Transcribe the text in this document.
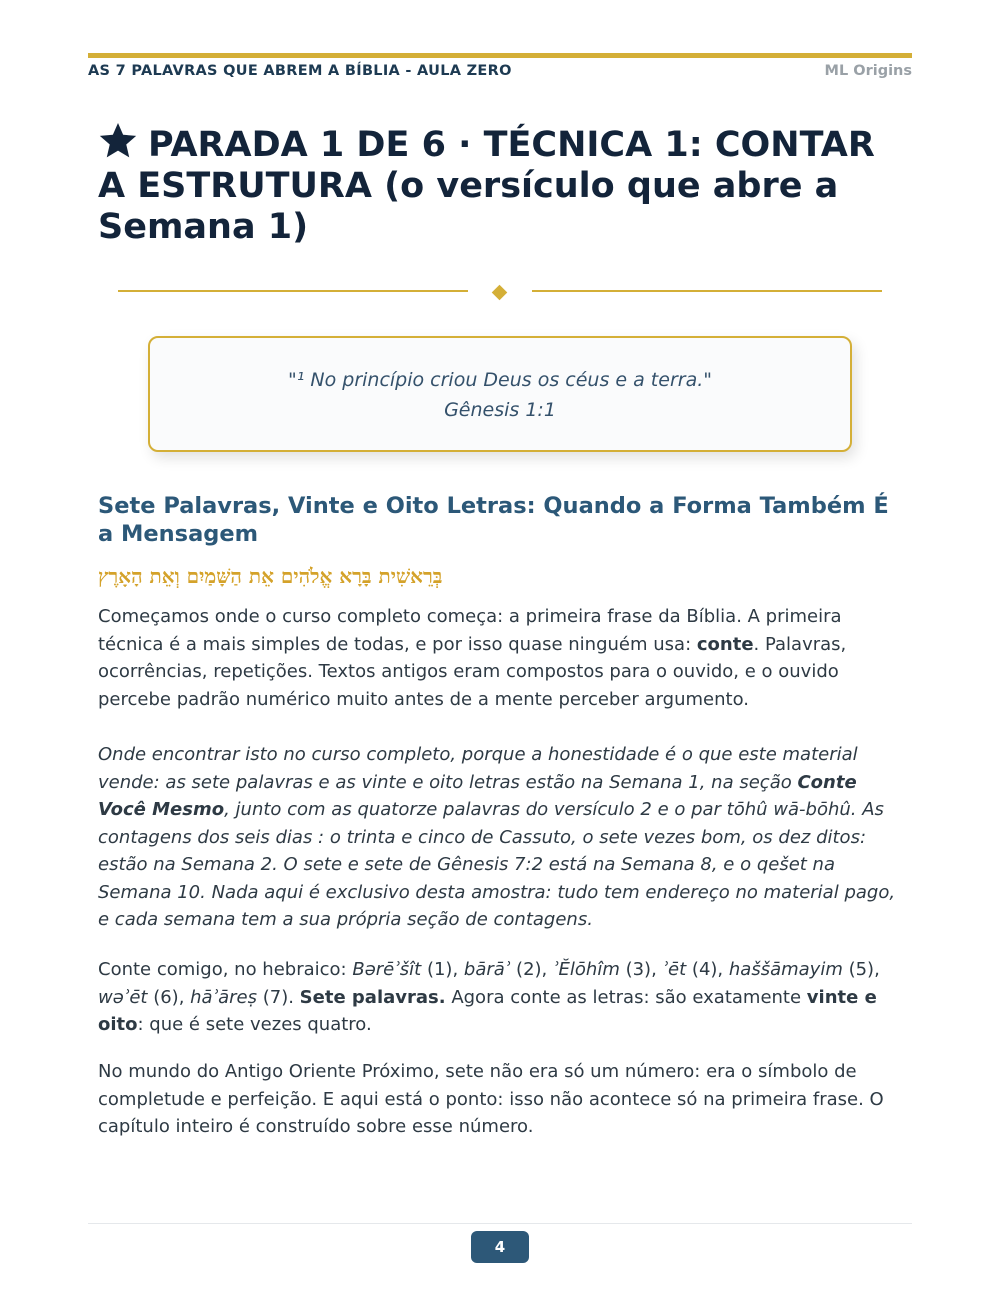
AS 7 PALAVRAS QUE ABREM A BÍBLIA - AULA ZERO	ML Origins
PARADA 1 DE 6 · TÉCNICA 1: CONTAR A ESTRUTURA (o versículo que abre a Semana 1)
"¹ No princípio criou Deus os céus e a terra."
Gênesis 1:1
Sete Palavras, Vinte e Oito Letras: Quando a Forma Também É a Mensagem
בְּרֵאשִׁית בָּרָא אֱלֹהִים אֵת הַשָּׁמַיִם וְאֵת הָאָרֶץ

Começamos onde o curso completo começa: a primeira frase da Bíblia. A primeira técnica é a mais simples de todas, e por isso quase ninguém usa: conte. Palavras, ocorrências, repetições. Textos antigos eram compostos para o ouvido, e o ouvido percebe padrão numérico muito antes de a mente perceber argumento.

Onde encontrar isto no curso completo, porque a honestidade é o que este material vende: as sete palavras e as vinte e oito letras estão na Semana 1, na seção Conte Você Mesmo, junto com as quatorze palavras do versículo 2 e o par tōhû wā-bōhû. As contagens dos seis dias : o trinta e cinco de Cassuto, o sete vezes bom, os dez ditos: estão na Semana 2. O sete e sete de Gênesis 7:2 está na Semana 8, e o qešet na Semana 10. Nada aqui é exclusivo desta amostra: tudo tem endereço no material pago, e cada semana tem a sua própria seção de contagens.

Conte comigo, no hebraico: Bərēʾšît (1), bārāʾ (2), ʾĔlōhîm (3), ʾēt (4), haššāmayim (5), wəʾēt (6), hāʾāreṣ (7). Sete palavras. Agora conte as letras: são exatamente vinte e oito: que é sete vezes quatro.

No mundo do Antigo Oriente Próximo, sete não era só um número: era o símbolo de completude e perfeição. E aqui está o ponto: isso não acontece só na primeira frase. O capítulo inteiro é construído sobre esse número.

4
